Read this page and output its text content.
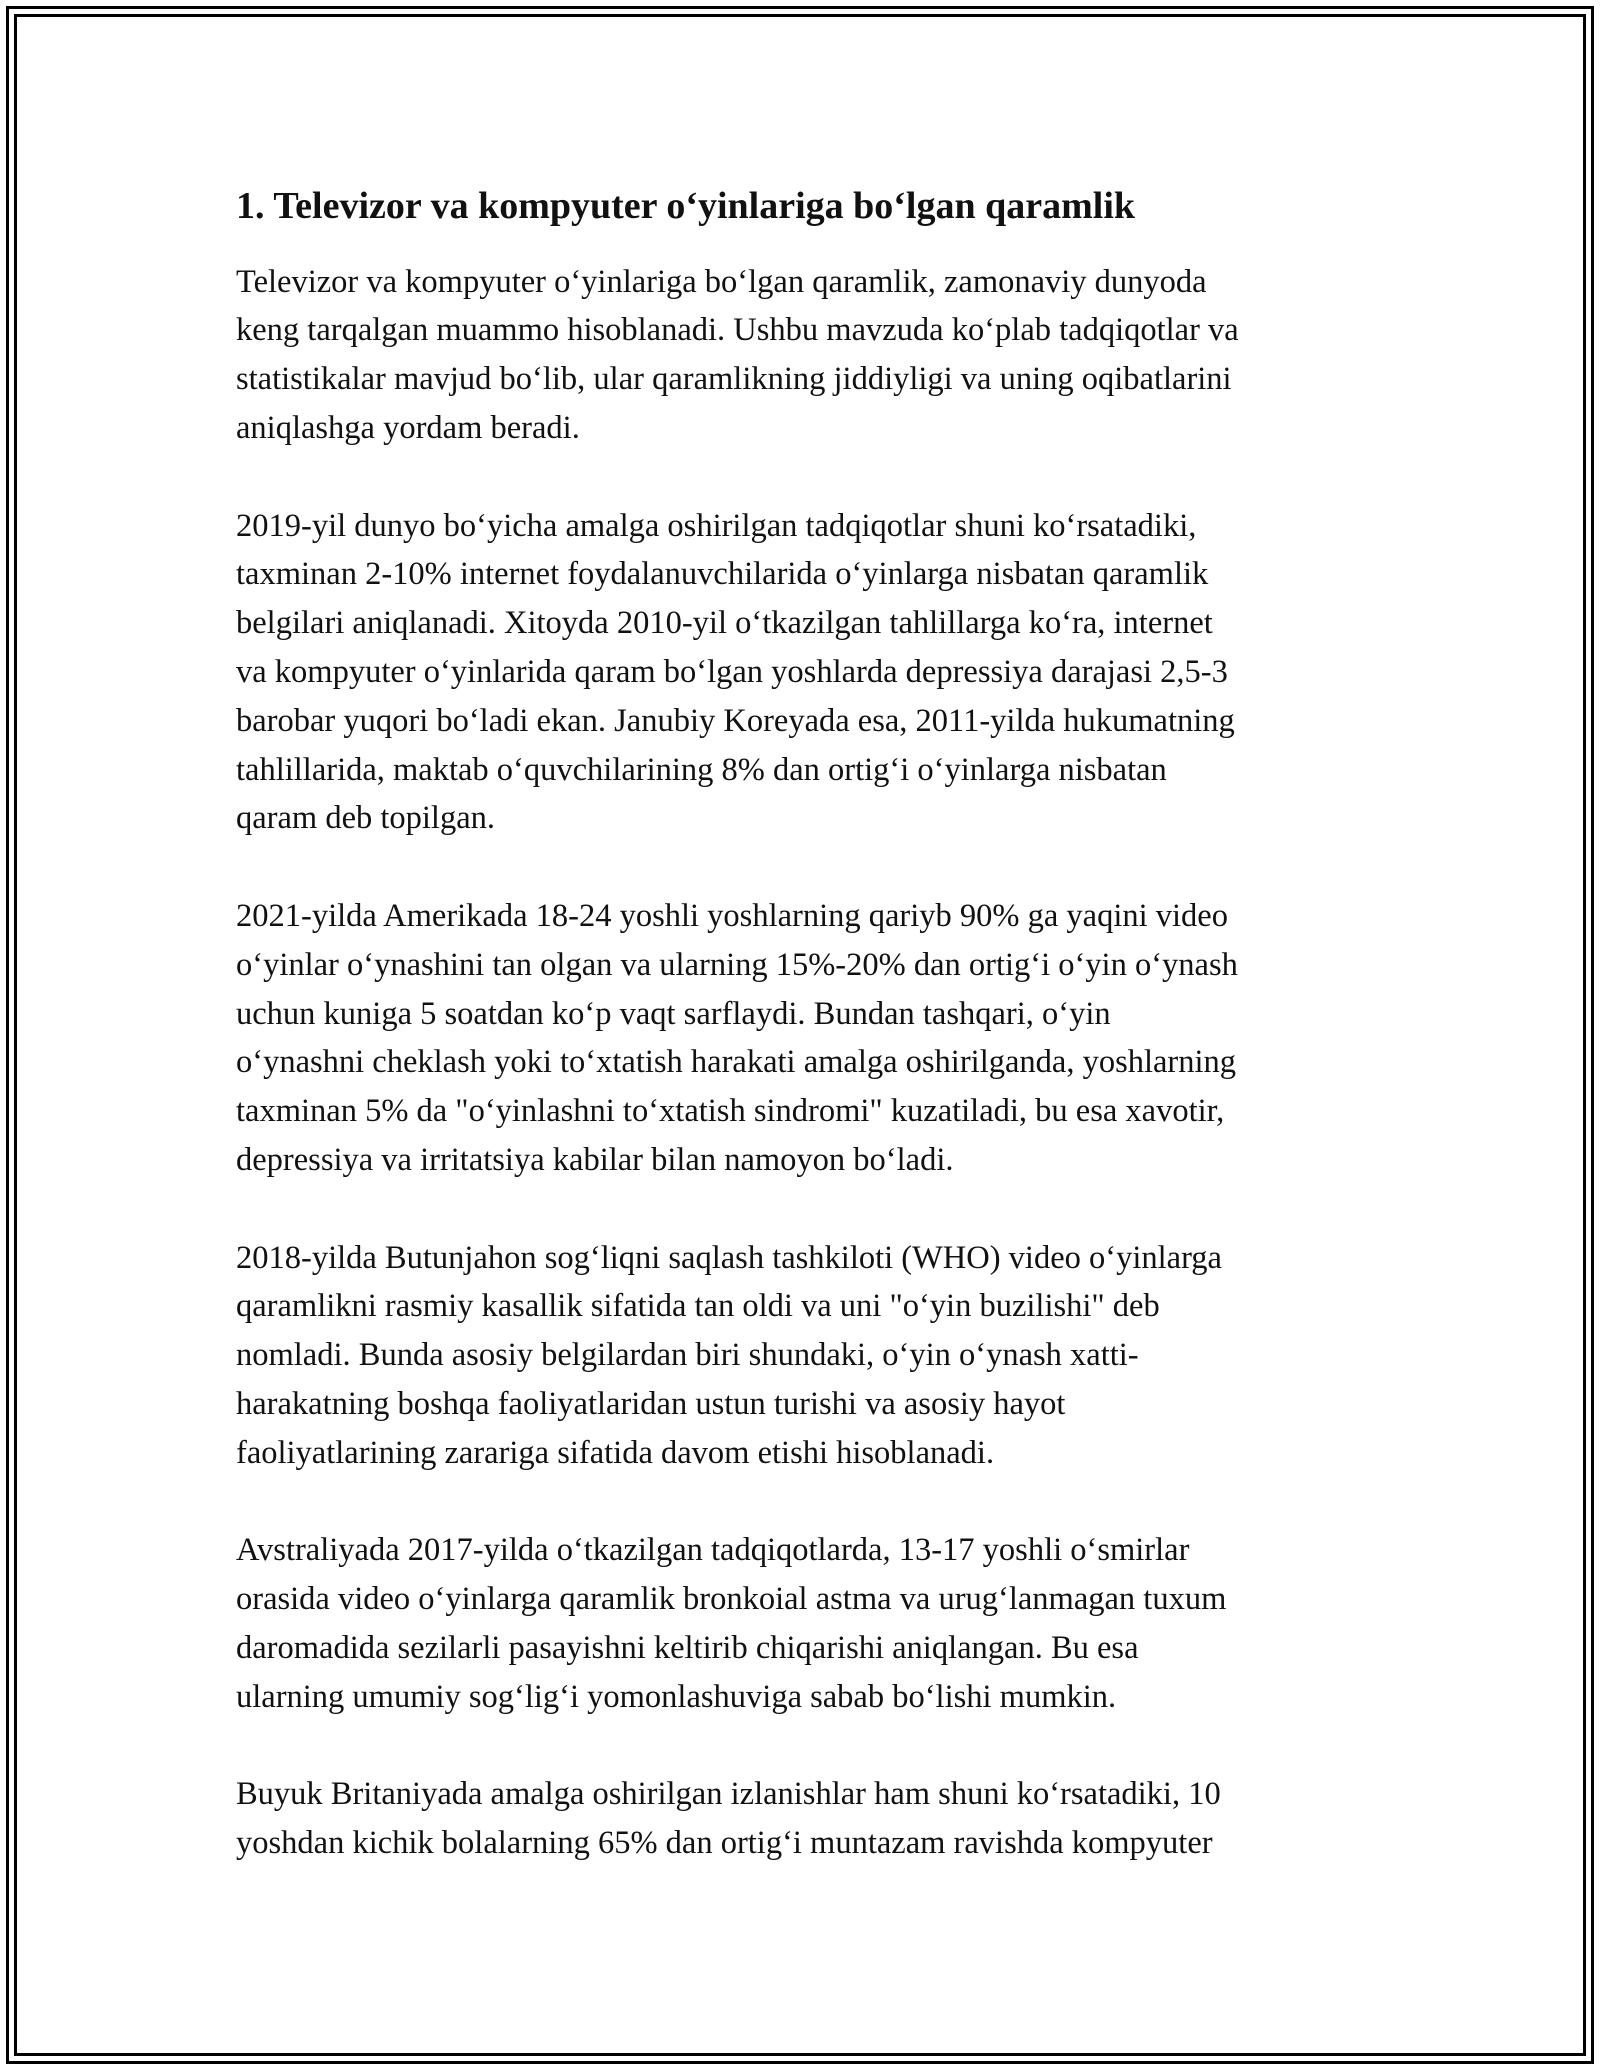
1. Televizor va kompyuter o‘yinlariga bo‘lgan qaramlik
Televizor va kompyuter o‘yinlariga bo‘lgan qaramlik, zamonaviy dunyoda
keng tarqalgan muammo hisoblanadi. Ushbu mavzuda ko‘plab tadqiqotlar va
statistikalar mavjud bo‘lib, ular qaramlikning jiddiyligi va uning oqibatlarini
aniqlashga yordam beradi.
2019-yil dunyo bo‘yicha amalga oshirilgan tadqiqotlar shuni ko‘rsatadiki,
taxminan 2-10% internet foydalanuvchilarida o‘yinlarga nisbatan qaramlik
belgilari aniqlanadi. Xitoyda 2010-yil o‘tkazilgan tahlillarga ko‘ra, internet
va kompyuter o‘yinlarida qaram bo‘lgan yoshlarda depressiya darajasi 2,5-3
barobar yuqori bo‘ladi ekan. Janubiy Koreyada esa, 2011-yilda hukumatning
tahlillarida, maktab o‘quvchilarining 8% dan ortig‘i o‘yinlarga nisbatan
qaram deb topilgan.
2021-yilda Amerikada 18-24 yoshli yoshlarning qariyb 90% ga yaqini video
o‘yinlar o‘ynashini tan olgan va ularning 15%-20% dan ortig‘i o‘yin o‘ynash
uchun kuniga 5 soatdan ko‘p vaqt sarflaydi. Bundan tashqari, o‘yin
o‘ynashni cheklash yoki to‘xtatish harakati amalga oshirilganda, yoshlarning
taxminan 5% da "o‘yinlashni to‘xtatish sindromi" kuzatiladi, bu esa xavotir,
depressiya va irritatsiya kabilar bilan namoyon bo‘ladi.
2018-yilda Butunjahon sog‘liqni saqlash tashkiloti (WHO) video o‘yinlarga
qaramlikni rasmiy kasallik sifatida tan oldi va uni "o‘yin buzilishi" deb
nomladi. Bunda asosiy belgilardan biri shundaki, o‘yin o‘ynash xatti-
harakatning boshqa faoliyatlaridan ustun turishi va asosiy hayot
faoliyatlarining zarariga sifatida davom etishi hisoblanadi.
Avstraliyada 2017-yilda o‘tkazilgan tadqiqotlarda, 13-17 yoshli o‘smirlar
orasida video o‘yinlarga qaramlik bronkoial astma va urug‘lanmagan tuxum
daromadida sezilarli pasayishni keltirib chiqarishi aniqlangan. Bu esa
ularning umumiy sog‘lig‘i yomonlashuviga sabab bo‘lishi mumkin.
Buyuk Britaniyada amalga oshirilgan izlanishlar ham shuni ko‘rsatadiki, 10
yoshdan kichik bolalarning 65% dan ortig‘i muntazam ravishda kompyuter
